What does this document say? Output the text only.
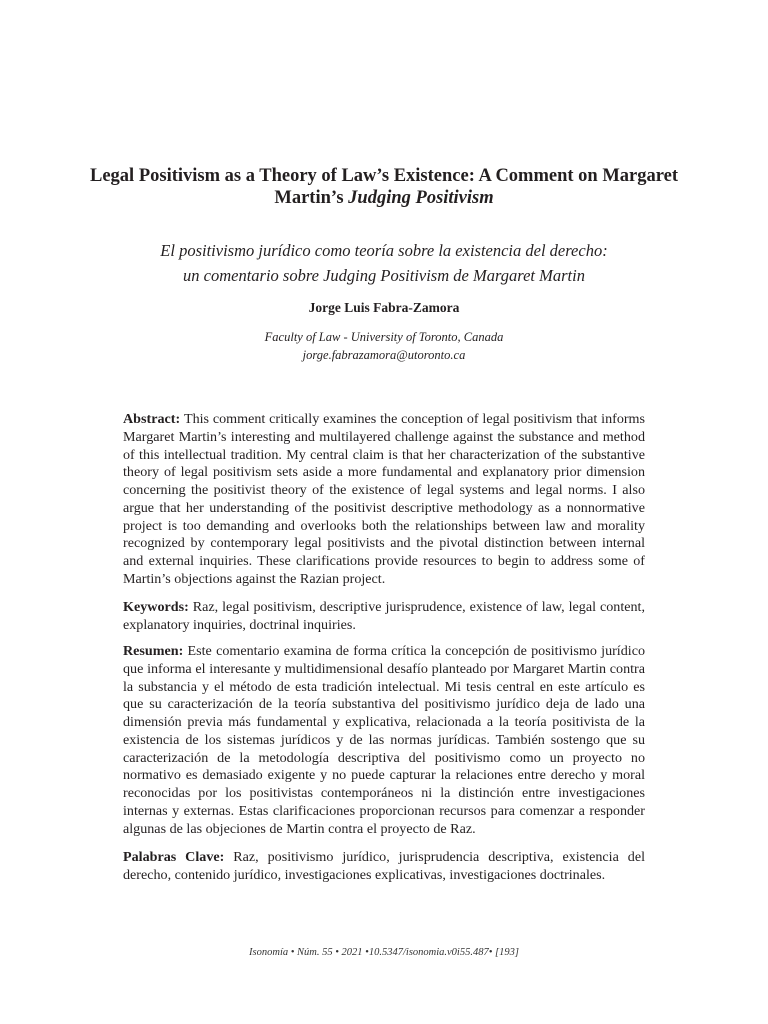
Legal Positivism as a Theory of Law’s Existence: A Comment on Margaret
Martin’s Judging Positivism
El positivismo jurídico como teoría sobre la existencia del derecho:
un comentario sobre Judging Positivism de Margaret Martin
Jorge Luis Fabra-Zamora
Faculty of Law - University of Toronto, Canada
jorge.fabrazamora@utoronto.ca
Abstract: This comment critically examines the conception of legal positivism that informs Margaret Martin’s interesting and multilayered challenge against the substance and method of this intellectual tradition. My central claim is that her characterization of the substantive theory of legal positivism sets aside a more fundamental and explanatory prior dimension concerning the positivist theory of the existence of legal systems and legal norms. I also argue that her understanding of the positivist descriptive methodology as a nonnormative project is too demanding and overlooks both the relationships between law and morality recognized by contemporary legal positivists and the pivotal distinction between internal and external inquiries. These clarifications provide resources to begin to address some of Martin’s objections against the Razian project.
Keywords: Raz, legal positivism, descriptive jurisprudence, existence of law, legal content, explanatory inquiries, doctrinal inquiries.
Resumen: Este comentario examina de forma crítica la concepción de positivismo jurídico que informa el interesante y multidimensional desafío planteado por Margaret Martin contra la substancia y el método de esta tradición intelectual. Mi tesis central en este artículo es que su caracterización de la teoría substantiva del positivismo jurídico deja de lado una dimensión previa más fundamental y explicativa, relacionada a la teoría positivista de la existencia de los sistemas jurídicos y de las normas jurídicas. También sostengo que su caracterización de la metodología descriptiva del positivismo como un proyecto no normativo es demasiado exigente y no puede capturar la relaciones entre derecho y moral reconocidas por los positivistas contemporáneos ni la distinción entre investigaciones internas y externas. Estas clarificaciones proporcionan recursos para comenzar a responder algunas de las objeciones de Martin contra el proyecto de Raz.
Palabras Clave: Raz, positivismo jurídico, jurisprudencia descriptiva, existencia del derecho, contenido jurídico, investigaciones explicativas, investigaciones doctrinales.
Isonomía • Núm. 55 • 2021 •10.5347/isonomia.v0i55.487• [193]
